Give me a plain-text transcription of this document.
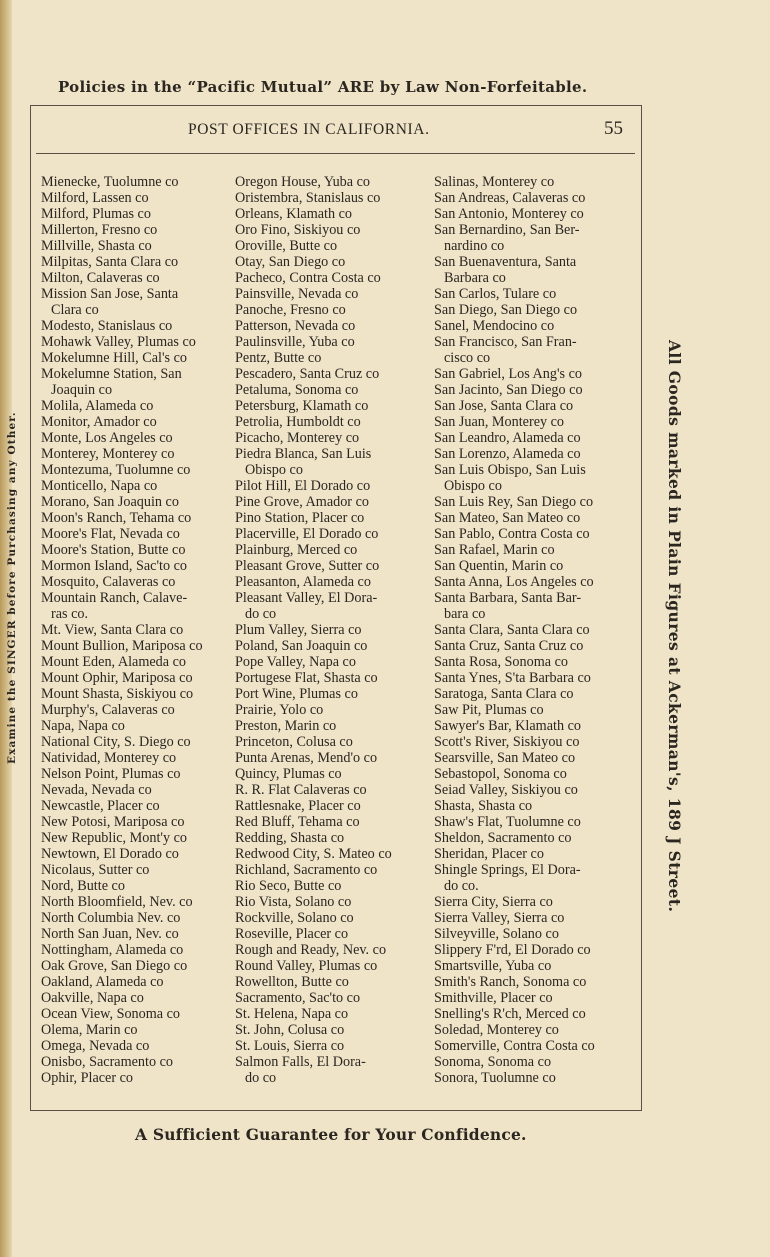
Policies in the “Pacific Mutual” ARE by Law Non-Forfeitable.
Examine the SINGER before Purchasing any Other.
POST OFFICES IN CALIFORNIA.	55
Mienecke, Tuolumne co
Milford, Lassen co
Milford, Plumas co
Millerton, Fresno co
Millville, Shasta co
Milpitas, Santa Clara co
Milton, Calaveras co
Mission San Jose, Santa
Clara co
Modesto, Stanislaus co
Mohawk Valley, Plumas co
Mokelumne Hill, Cal's co
Mokelumne Station, San
Joaquin co
Molila, Alameda co
Monitor, Amador co
Monte, Los Angeles co
Monterey, Monterey co
Montezuma, Tuolumne co
Monticello, Napa co
Morano, San Joaquin co
Moon's Ranch, Tehama co
Moore's Flat, Nevada co
Moore's Station, Butte co
Mormon Island, Sac'to co
Mosquito, Calaveras co
Mountain Ranch, Calave-
ras co.
Mt. View, Santa Clara co
Mount Bullion, Mariposa co
Mount Eden, Alameda co
Mount Ophir, Mariposa co
Mount Shasta, Siskiyou co
Murphy's, Calaveras co
Napa, Napa co
National City, S. Diego co
Natividad, Monterey co
Nelson Point, Plumas co
Nevada, Nevada co
Newcastle, Placer co
New Potosi, Mariposa co
New Republic, Mont'y co
Newtown, El Dorado co
Nicolaus, Sutter co
Nord, Butte co
North Bloomfield, Nev. co
North Columbia Nev. co
North San Juan, Nev. co
Nottingham, Alameda co
Oak Grove, San Diego co
Oakland, Alameda co
Oakville, Napa co
Ocean View, Sonoma co
Olema, Marin co
Omega, Nevada co
Onisbo, Sacramento co
Ophir, Placer co
Oregon House, Yuba co
Oristembra, Stanislaus co
Orleans, Klamath co
Oro Fino, Siskiyou co
Oroville, Butte co
Otay, San Diego co
Pacheco, Contra Costa co
Painsville, Nevada co
Panoche, Fresno co
Patterson, Nevada co
Paulinsville, Yuba co
Pentz, Butte co
Pescadero, Santa Cruz co
Petaluma, Sonoma co
Petersburg, Klamath co
Petrolia, Humboldt co
Picacho, Monterey co
Piedra Blanca, San Luis
Obispo co
Pilot Hill, El Dorado co
Pine Grove, Amador co
Pino Station, Placer co
Placerville, El Dorado co
Plainburg, Merced co
Pleasant Grove, Sutter co
Pleasanton, Alameda co
Pleasant Valley, El Dora-
do co
Plum Valley, Sierra co
Poland, San Joaquin co
Pope Valley, Napa co
Portugese Flat, Shasta co
Port Wine, Plumas co
Prairie, Yolo co
Preston, Marin co
Princeton, Colusa co
Punta Arenas, Mend'o co
Quincy, Plumas co
R. R. Flat Calaveras co
Rattlesnake, Placer co
Red Bluff, Tehama co
Redding, Shasta co
Redwood City, S. Mateo co
Richland, Sacramento co
Rio Seco, Butte co
Rio Vista, Solano co
Rockville, Solano co
Roseville, Placer co
Rough and Ready, Nev. co
Round Valley, Plumas co
Rowellton, Butte co
Sacramento, Sac'to co
St. Helena, Napa co
St. John, Colusa co
St. Louis, Sierra co
Salmon Falls, El Dora-
do co
Salinas, Monterey co
San Andreas, Calaveras co
San Antonio, Monterey co
San Bernardino, San Ber-
nardino co
San Buenaventura, Santa
Barbara co
San Carlos, Tulare co
San Diego, San Diego co
Sanel, Mendocino co
San Francisco, San Fran-
cisco co
San Gabriel, Los Ang's co
San Jacinto, San Diego co
San Jose, Santa Clara co
San Juan, Monterey co
San Leandro, Alameda co
San Lorenzo, Alameda co
San Luis Obispo, San Luis
Obispo co
San Luis Rey, San Diego co
San Mateo, San Mateo co
San Pablo, Contra Costa co
San Rafael, Marin co
San Quentin, Marin co
Santa Anna, Los Angeles co
Santa Barbara, Santa Bar-
bara co
Santa Clara, Santa Clara co
Santa Cruz, Santa Cruz co
Santa Rosa, Sonoma co
Santa Ynes, S'ta Barbara co
Saratoga, Santa Clara co
Saw Pit, Plumas co
Sawyer's Bar, Klamath co
Scott's River, Siskiyou co
Searsville, San Mateo co
Sebastopol, Sonoma co
Seiad Valley, Siskiyou co
Shasta, Shasta co
Shaw's Flat, Tuolumne co
Sheldon, Sacramento co
Sheridan, Placer co
Shingle Springs, El Dora-
do co.
Sierra City, Sierra co
Sierra Valley, Sierra co
Silveyville, Solano co
Slippery F'rd, El Dorado co
Smartsville, Yuba co
Smith's Ranch, Sonoma co
Smithville, Placer co
Snelling's R'ch, Merced co
Soledad, Monterey co
Somerville, Contra Costa co
Sonoma, Sonoma co
Sonora, Tuolumne co
All Goods marked in Plain Figures at Ackerman's, 189 J Street.
A Sufficient Guarantee for Your Confidence.
